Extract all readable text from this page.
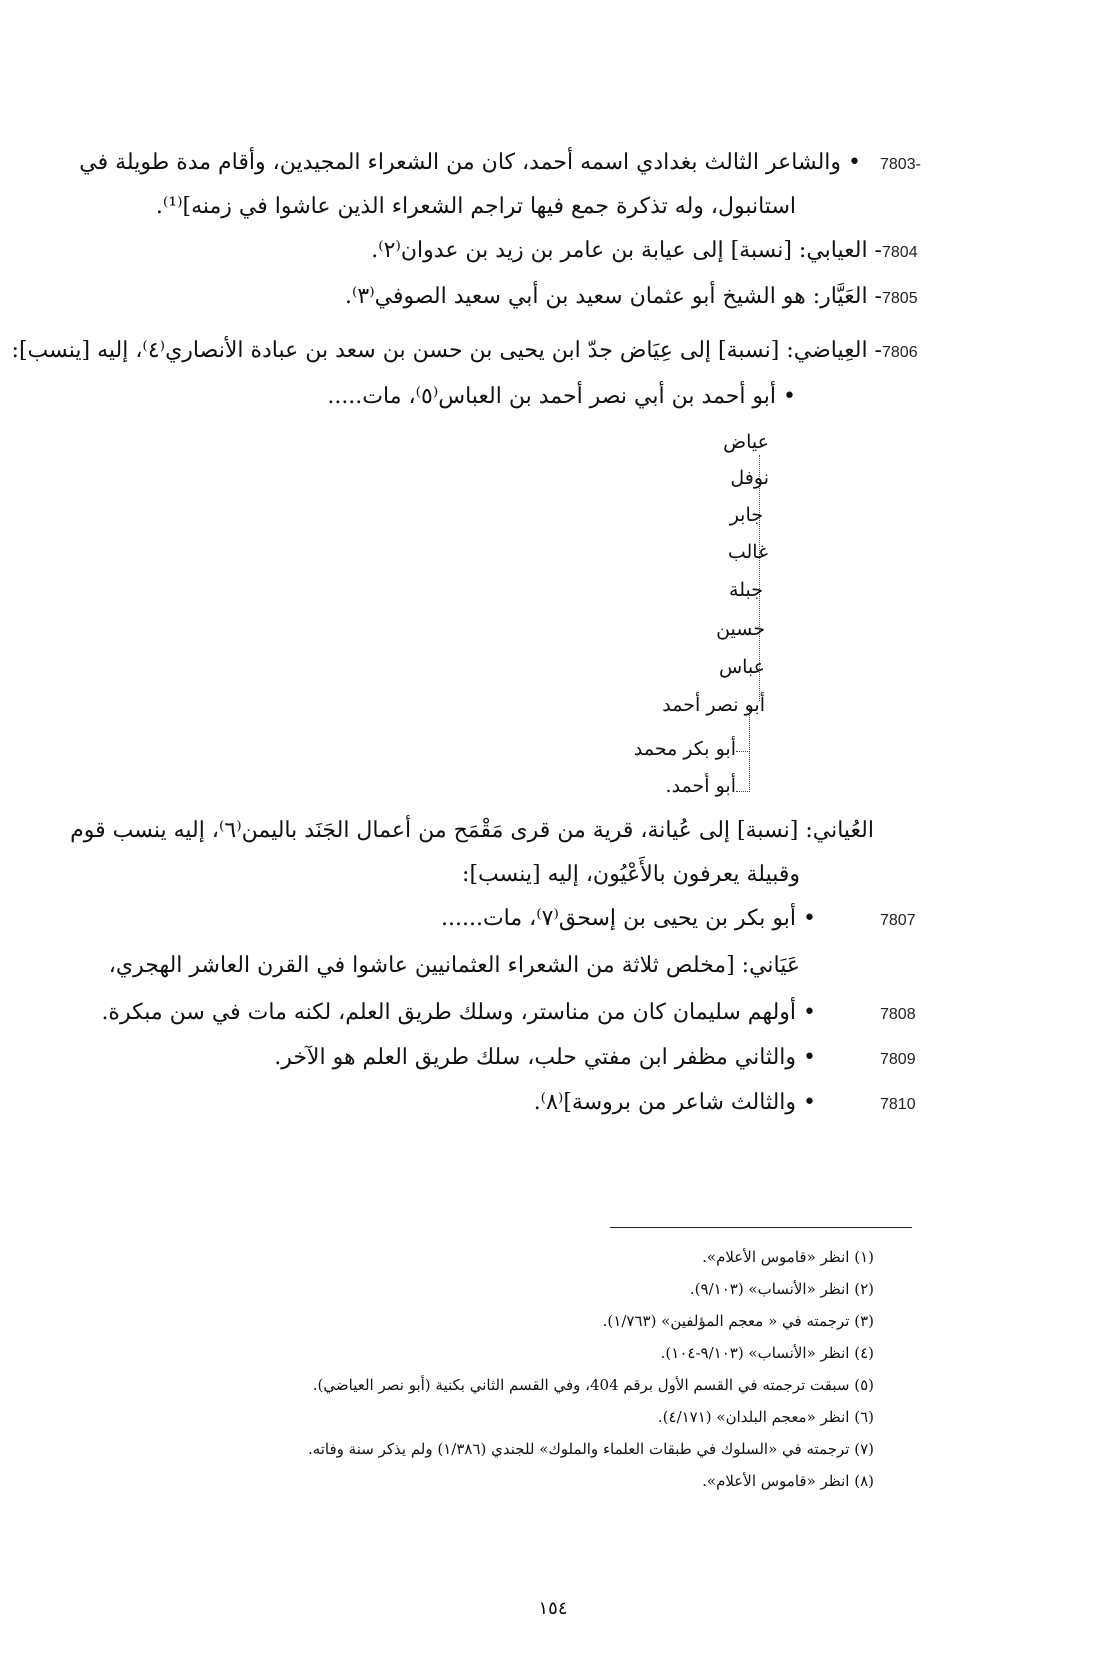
7803-
• والشاعر الثالث بغدادي اسمه أحمد، كان من الشعراء المجيدين، وأقام مدة طويلة في
استانبول، وله تذكرة جمع فيها تراجم الشعراء الذين عاشوا في زمنه]⁽¹⁾.
7804
- العيابي: [نسبة] إلى عيابة بن عامر بن زيد بن عدوان⁽٢⁾.
7805
- العَيَّار: هو الشيخ أبو عثمان سعيد بن أبي سعيد الصوفي⁽٣⁾.
7806
- العِياضي: [نسبة] إلى عِيَاض جدّ ابن يحيى بن حسن بن سعد بن عبادة الأنصاري⁽٤⁾، إليه [ينسب]:
• أبو أحمد بن أبي نصر أحمد بن العباس⁽٥⁾، مات.....
عياض
نوفل
جابر
غالب
جبلة
حسين
عباس
أبو نصر أحمد
أبو بكر محمد
أبو أحمد.
العُياني: [نسبة] إلى عُيانة، قرية من قرى مَقْمَح من أعمال الجَنَد باليمن⁽٦⁾، إليه ينسب قوم
وقبيلة يعرفون بالأَعْيُون، إليه [ينسب]:
7807
• أبو بكر بن يحيى بن إسحق⁽٧⁾، مات......
عَيَاني: [مخلص ثلاثة من الشعراء العثمانيين عاشوا في القرن العاشر الهجري،
7808
• أولهم سليمان كان من مناستر، وسلك طريق العلم، لكنه مات في سن مبكرة.
7809
• والثاني مظفر ابن مفتي حلب، سلك طريق العلم هو الآخر.
7810
• والثالث شاعر من بروسة]⁽٨⁾.
(١) انظر «قاموس الأعلام».
(٢) انظر «الأنساب» (٩/١٠٣).
(٣) ترجمته في « معجم المؤلفين» (١/٧٦٣).
(٤) انظر «الأنساب» (٩/١٠٣-١٠٤).
(٥) سبقت ترجمته في القسم الأول برقم 404، وفي القسم الثاني بكنية (أبو نصر العياضي).
(٦) انظر «معجم البلدان» (٤/١٧١).
(٧) ترجمته في «السلوك في طبقات العلماء والملوك» للجندي (١/٣٨٦) ولم يذكر سنة وفاته.
(٨) انظر «قاموس الأعلام».
١٥٤
